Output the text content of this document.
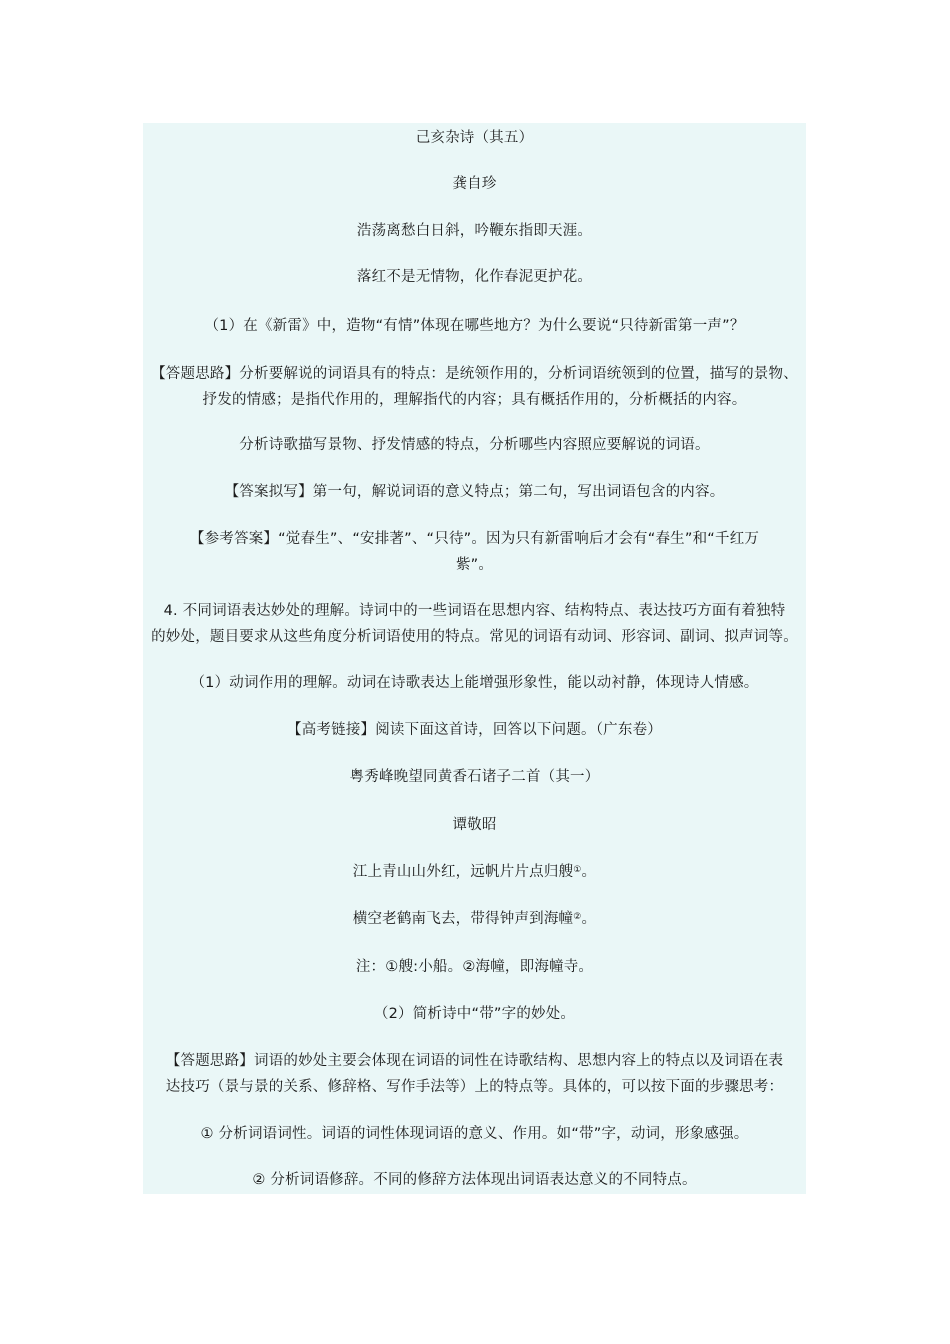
己亥杂诗（其五）
龚自珍
浩荡离愁白日斜，吟鞭东指即天涯。
落红不是无情物，化作春泥更护花。
（1）在《新雷》中，造物“有情”体现在哪些地方？为什么要说“只待新雷第一声”？
【答题思路】分析要解说的词语具有的特点：是统领作用的，分析词语统领到的位置，描写的景物、
抒发的情感；是指代作用的，理解指代的内容；具有概括作用的，分析概括的内容。
分析诗歌描写景物、抒发情感的特点，分析哪些内容照应要解说的词语。
【答案拟写】第一句，解说词语的意义特点；第二句，写出词语包含的内容。
【参考答案】“觉春生”、“安排著”、“只待”。因为只有新雷响后才会有“春生”和“千红万
紫”。
4. 不同词语表达妙处的理解。诗词中的一些词语在思想内容、结构特点、表达技巧方面有着独特
的妙处，题目要求从这些角度分析词语使用的特点。常见的词语有动词、形容词、副词、拟声词等。
（1）动词作用的理解。动词在诗歌表达上能增强形象性，能以动衬静，体现诗人情感。
【高考链接】阅读下面这首诗，回答以下问题。（广东卷）
粤秀峰晚望同黄香石诸子二首（其一）
谭敬昭
江上青山山外红，远帆片片点归艘①。
横空老鹤南飞去，带得钟声到海幢②。
注：①艘:小船。②海幢，即海幢寺。
（2）简析诗中“带”字的妙处。
【答题思路】词语的妙处主要会体现在词语的词性在诗歌结构、思想内容上的特点以及词语在表
达技巧（景与景的关系、修辞格、写作手法等）上的特点等。具体的，可以按下面的步骤思考：
① 分析词语词性。词语的词性体现词语的意义、作用。如“带”字，动词，形象感强。
② 分析词语修辞。不同的修辞方法体现出词语表达意义的不同特点。
